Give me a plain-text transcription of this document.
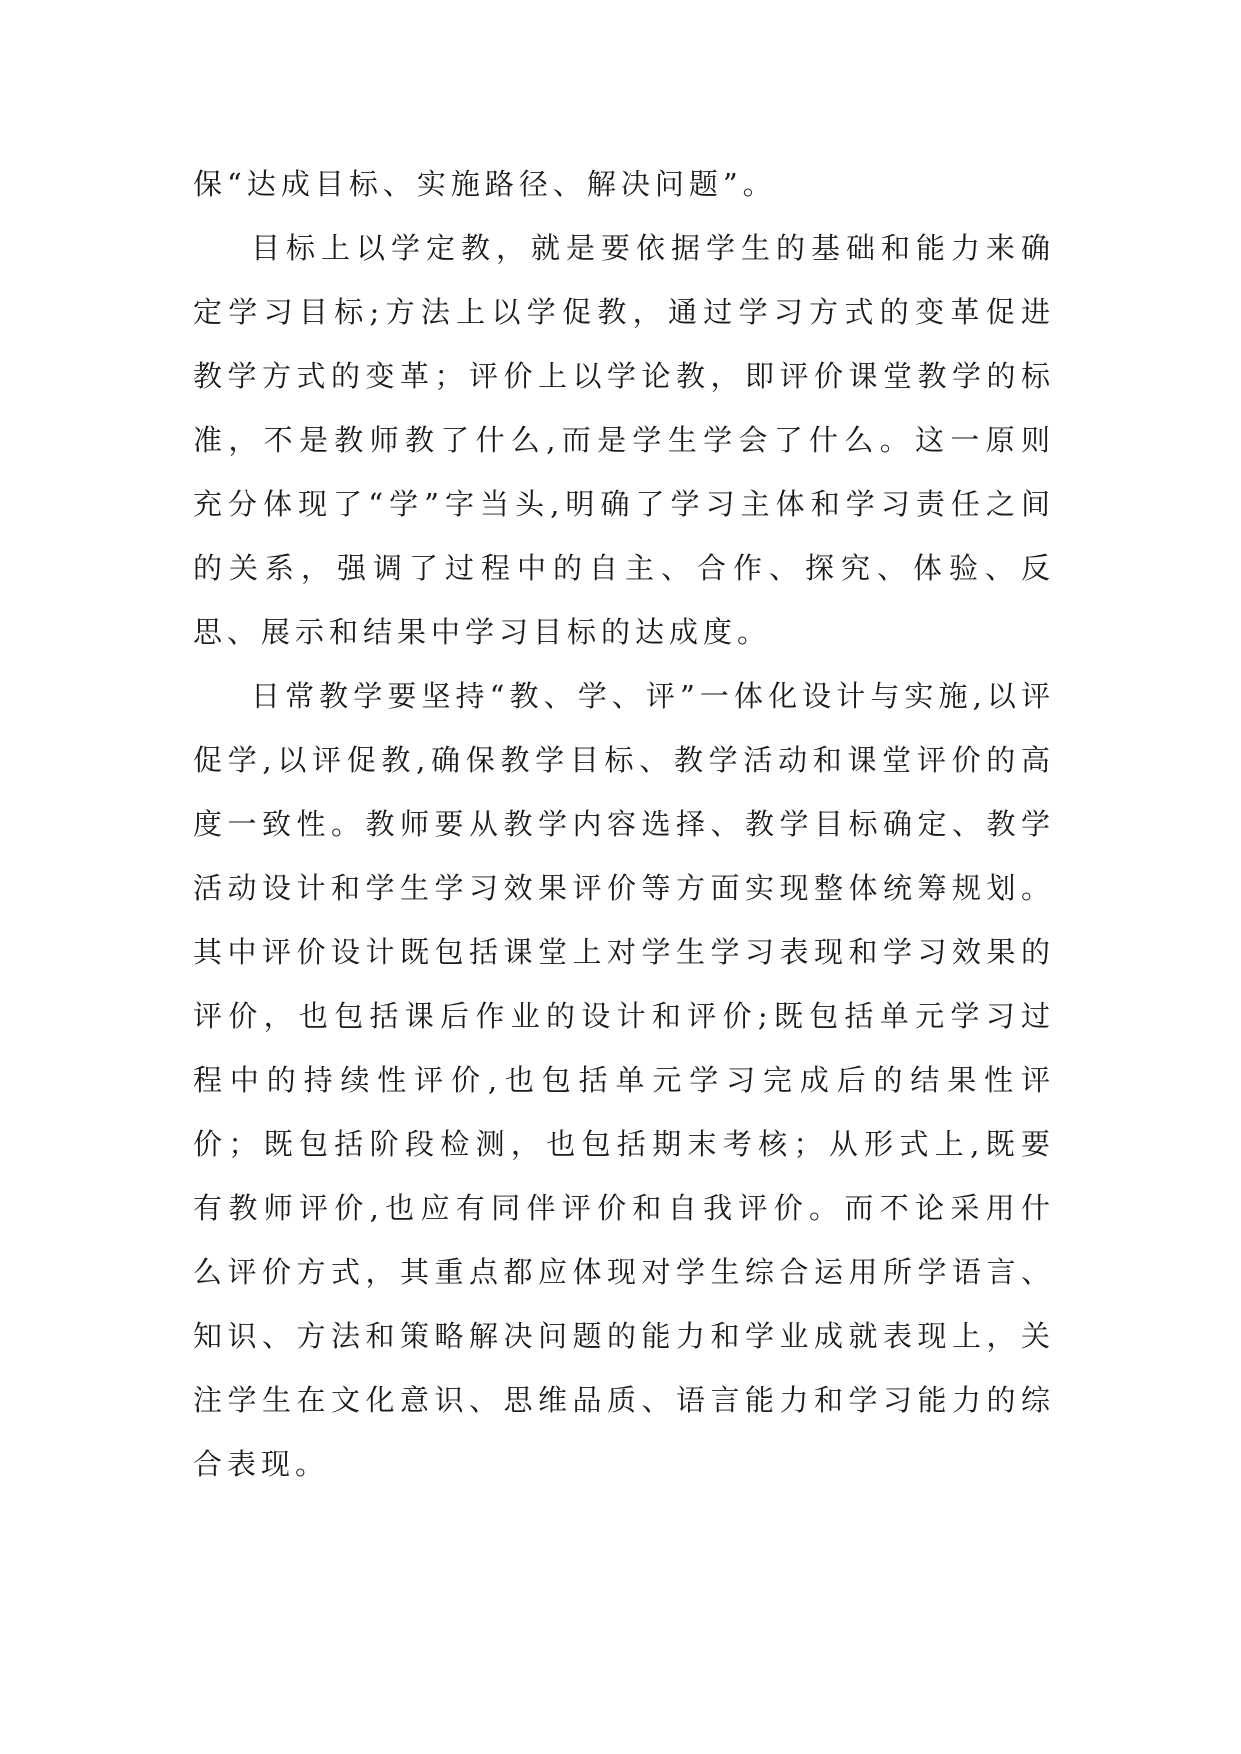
保“达成目标、实施路径、解决问题”。

目标上以学定教，就是要依据学生的基础和能力来确定学习目标;方法上以学促教，通过学习方式的变革促进教学方式的变革；评价上以学论教，即评价课堂教学的标准，不是教师教了什么,而是学生学会了什么。这一原则充分体现了“学”字当头,明确了学习主体和学习责任之间的关系，强调了过程中的自主、合作、探究、体验、反思、展示和结果中学习目标的达成度。

日常教学要坚持“教、学、评”一体化设计与实施,以评促学,以评促教,确保教学目标、教学活动和课堂评价的高度一致性。教师要从教学内容选择、教学目标确定、教学活动设计和学生学习效果评价等方面实现整体统筹规划。其中评价设计既包括课堂上对学生学习表现和学习效果的评价，也包括课后作业的设计和评价;既包括单元学习过程中的持续性评价,也包括单元学习完成后的结果性评价；既包括阶段检测，也包括期末考核；从形式上,既要有教师评价,也应有同伴评价和自我评价。而不论采用什么评价方式，其重点都应体现对学生综合运用所学语言、知识、方法和策略解决问题的能力和学业成就表现上，关注学生在文化意识、思维品质、语言能力和学习能力的综合表现。
